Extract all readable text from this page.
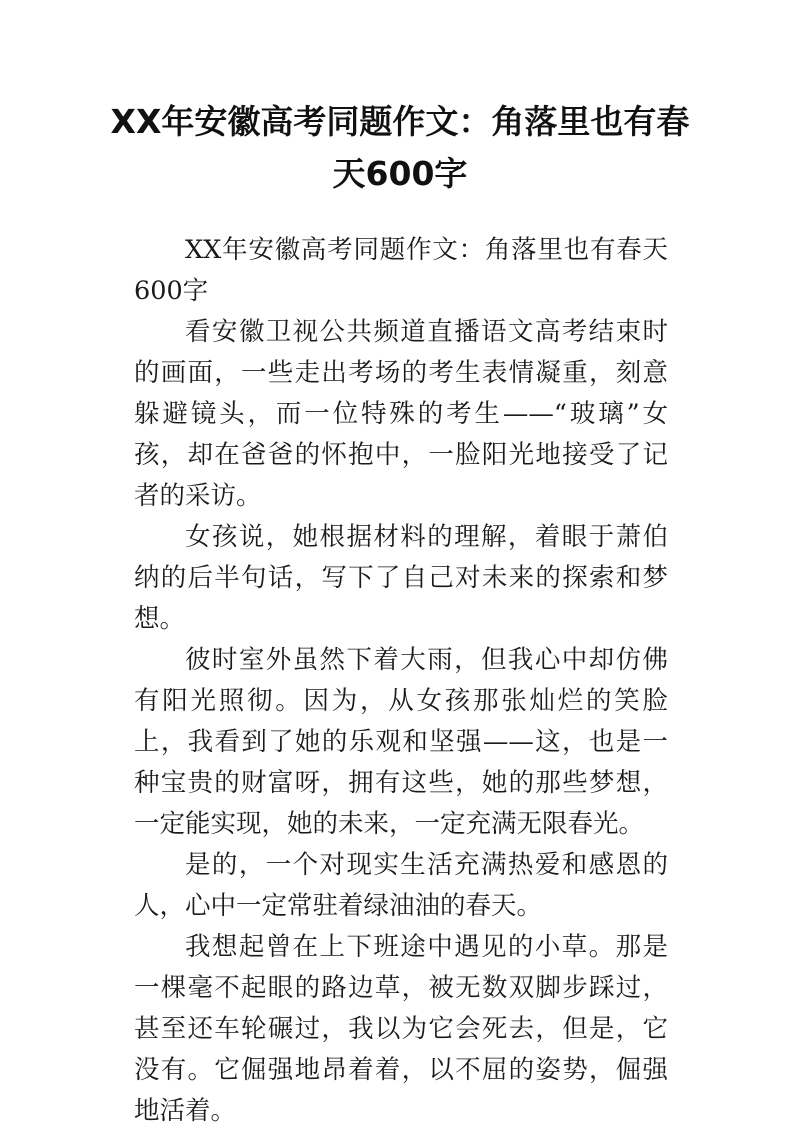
XX年安徽高考同题作文：角落里也有春天600字

XX年安徽高考同题作文：角落里也有春天600字

看安徽卫视公共频道直播语文高考结束时的画面，一些走出考场的考生表情凝重，刻意躲避镜头，而一位特殊的考生——“玻璃”女孩，却在爸爸的怀抱中，一脸阳光地接受了记者的采访。

女孩说，她根据材料的理解，着眼于萧伯纳的后半句话，写下了自己对未来的探索和梦想。

彼时室外虽然下着大雨，但我心中却仿佛有阳光照彻。因为，从女孩那张灿烂的笑脸上，我看到了她的乐观和坚强——这，也是一种宝贵的财富呀，拥有这些，她的那些梦想，一定能实现，她的未来，一定充满无限春光。

是的，一个对现实生活充满热爱和感恩的人，心中一定常驻着绿油油的春天。

我想起曾在上下班途中遇见的小草。那是一棵毫不起眼的路边草，被无数双脚步踩过，甚至还车轮碾过，我以为它会死去，但是，它没有。它倔强地昂着着，以不屈的姿势，倔强地活着。
